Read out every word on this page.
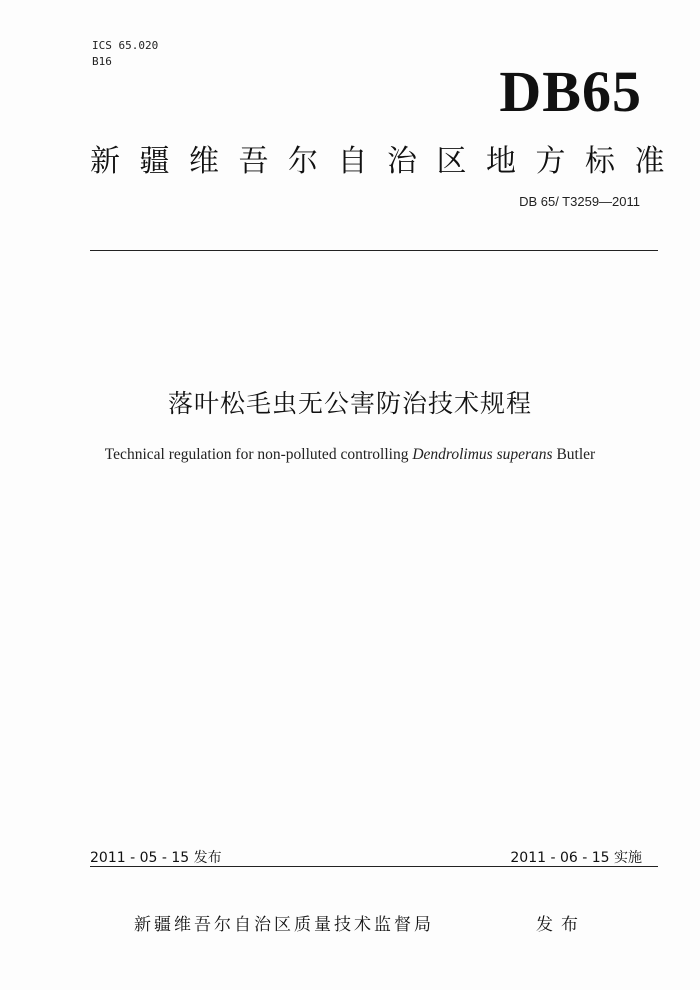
ICS 65.020
B16	DB65
新疆维吾尔自治区地方标准
DB 65/ T3259—2011
落叶松毛虫无公害防治技术规程
Technical regulation for non-polluted controlling Dendrolimus superans Butler
2011 - 05 - 15 发布	2011 - 06 - 15 实施
新疆维吾尔自治区质量技术监督局	发布
